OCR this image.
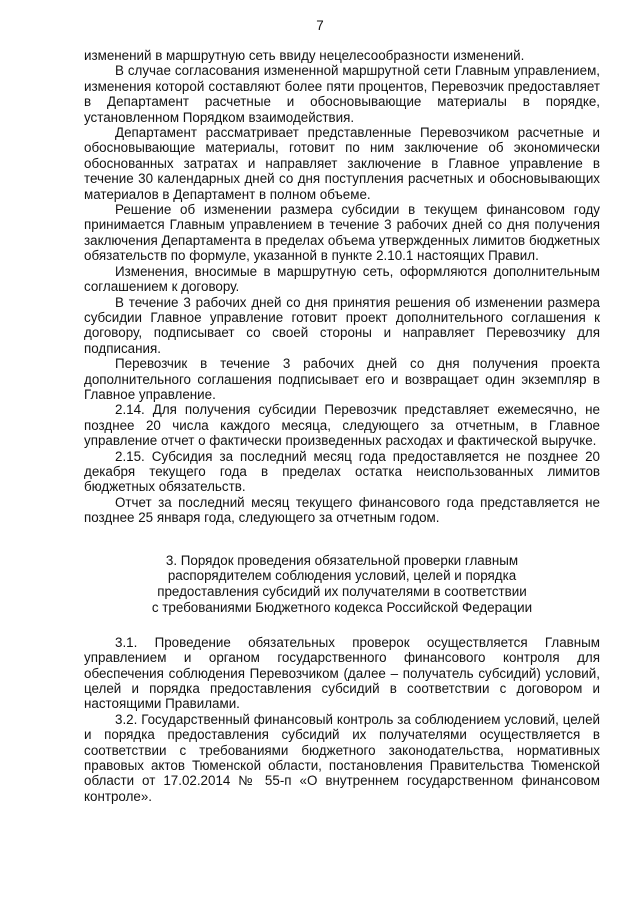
7

изменений в маршрутную сеть ввиду нецелесообразности изменений.

В случае согласования измененной маршрутной сети Главным управлением, изменения которой составляют более пяти процентов, Перевозчик предоставляет в Департамент расчетные и обосновывающие материалы в порядке, установленном Порядком взаимодействия.

Департамент рассматривает представленные Перевозчиком расчетные и обосновывающие материалы, готовит по ним заключение об экономически обоснованных затратах и направляет заключение в Главное управление в течение 30 календарных дней со дня поступления расчетных и обосновывающих материалов в Департамент в полном объеме.

Решение об изменении размера субсидии в текущем финансовом году принимается Главным управлением в течение 3 рабочих дней со дня получения заключения Департамента в пределах объема утвержденных лимитов бюджетных обязательств по формуле, указанной в пункте 2.10.1 настоящих Правил.

Изменения, вносимые в маршрутную сеть, оформляются дополнительным соглашением к договору.

В течение 3 рабочих дней со дня принятия решения об изменении размера субсидии Главное управление готовит проект дополнительного соглашения к договору, подписывает со своей стороны и направляет Перевозчику для подписания.

Перевозчик в течение 3 рабочих дней со дня получения проекта дополнительного соглашения подписывает его и возвращает один экземпляр в Главное управление.

2.14. Для получения субсидии Перевозчик представляет ежемесячно, не позднее 20 числа каждого месяца, следующего за отчетным, в Главное управление отчет о фактически произведенных расходах и фактической выручке.

2.15. Субсидия за последний месяц года предоставляется не позднее 20 декабря текущего года в пределах остатка неиспользованных лимитов бюджетных обязательств.

Отчет за последний месяц текущего финансового года представляется не позднее 25 января года, следующего за отчетным годом.

3. Порядок проведения обязательной проверки главным
распорядителем соблюдения условий, целей и порядка
предоставления субсидий их получателями в соответствии
с требованиями Бюджетного кодекса Российской Федерации

3.1. Проведение обязательных проверок осуществляется Главным управлением и органом государственного финансового контроля для обеспечения соблюдения Перевозчиком (далее – получатель субсидий) условий, целей и порядка предоставления субсидий в соответствии с договором и настоящими Правилами.

3.2. Государственный финансовый контроль за соблюдением условий, целей и порядка предоставления субсидий их получателями осуществляется в соответствии с требованиями бюджетного законодательства, нормативных правовых актов Тюменской области, постановления Правительства Тюменской области от 17.02.2014 № 55-п «О внутреннем государственном финансовом контроле».
